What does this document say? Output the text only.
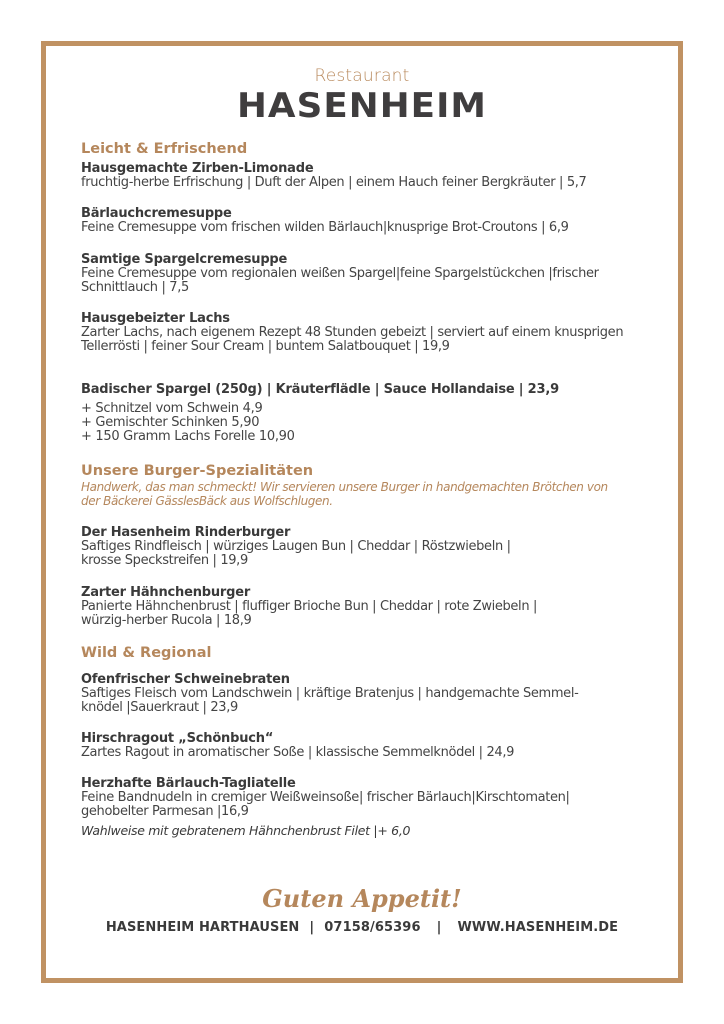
Restaurant
HASENHEIM
Leicht & Erfrischend
Hausgemachte Zirben-Limonade
fruchtig-herbe Erfrischung | Duft der Alpen | einem Hauch feiner Bergkräuter | 5,7
Bärlauchcremesuppe
Feine Cremesuppe vom frischen wilden Bärlauch|knusprige Brot-Croutons | 6,9
Samtige Spargelcremesuppe
Feine Cremesuppe vom regionalen weißen Spargel|feine Spargelstückchen |frischer
Schnittlauch | 7,5
Hausgebeizter Lachs
Zarter Lachs, nach eigenem Rezept 48 Stunden gebeizt | serviert auf einem knusprigen
Tellerrösti | feiner Sour Cream | buntem Salatbouquet | 19,9
Badischer Spargel (250g) | Kräuterflädle | Sauce Hollandaise | 23,9
+ Schnitzel vom Schwein 4,9
+ Gemischter Schinken 5,90
+ 150 Gramm Lachs Forelle 10,90
Unsere Burger-Spezialitäten
Handwerk, das man schmeckt! Wir servieren unsere Burger in handgemachten Brötchen von
der Bäckerei GässlesBäck aus Wolfschlugen.
Der Hasenheim Rinderburger
Saftiges Rindfleisch | würziges Laugen Bun | Cheddar | Röstzwiebeln |
krosse Speckstreifen | 19,9
Zarter Hähnchenburger
Panierte Hähnchenbrust | fluffiger Brioche Bun | Cheddar | rote Zwiebeln |
würzig-herber Rucola | 18,9
Wild & Regional
Ofenfrischer Schweinebraten
Saftiges Fleisch vom Landschwein | kräftige Bratenjus | handgemachte Semmel-
knödel |Sauerkraut | 23,9
Hirschragout „Schönbuch“
Zartes Ragout in aromatischer Soße | klassische Semmelknödel | 24,9
Herzhafte Bärlauch-Tagliatelle
Feine Bandnudeln in cremiger Weißweinsoße| frischer Bärlauch|Kirschtomaten|
gehobelter Parmesan |16,9
Wahlweise mit gebratenem Hähnchenbrust Filet |+ 6,0
Guten Appetit!
HASENHEIM HARTHAUSEN | 07158/65396 | WWW.HASENHEIM.DE
